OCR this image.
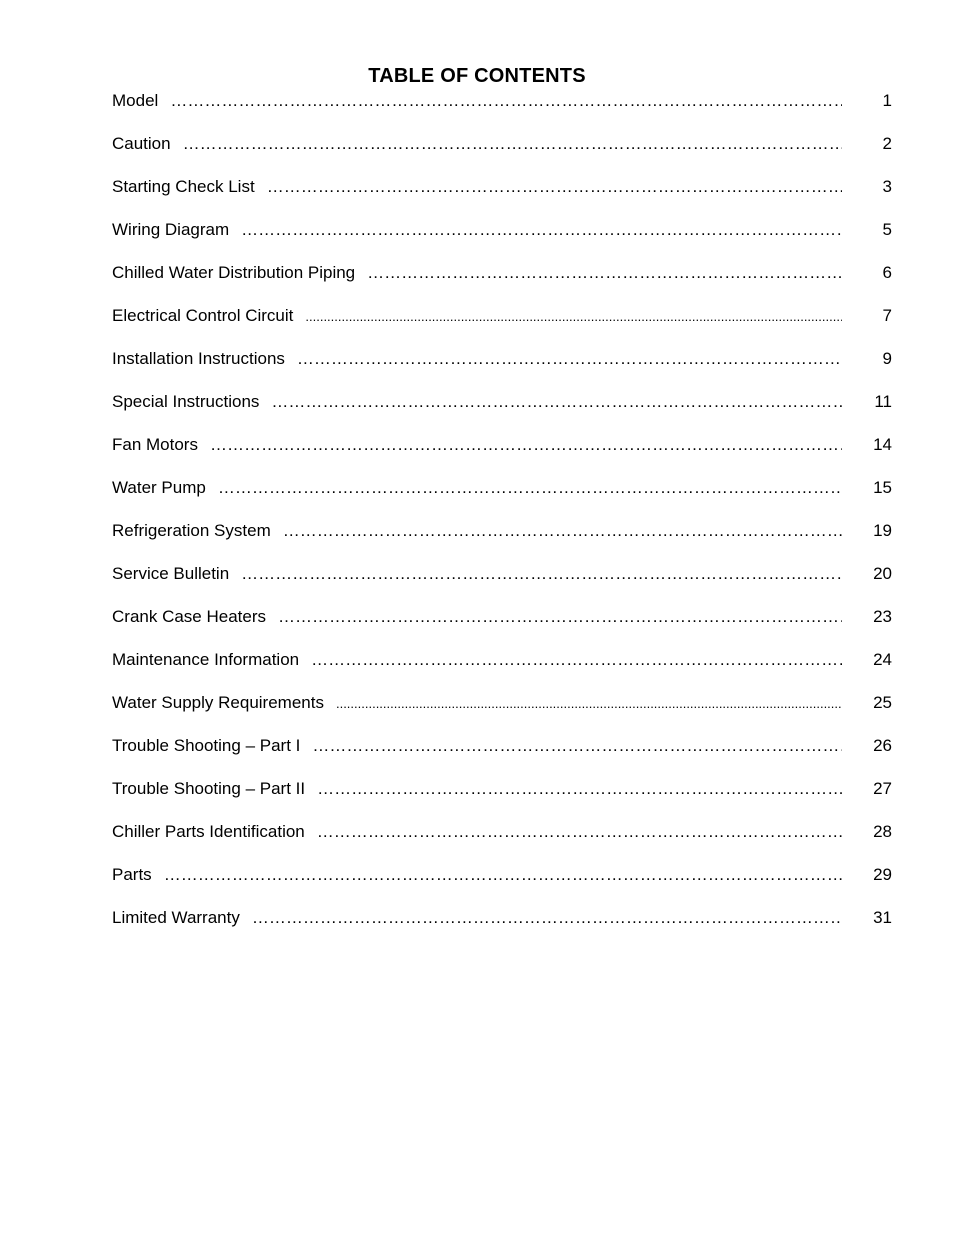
TABLE OF CONTENTS
Model ……………………………………………………………………………………………………………………………………………………………………	1
Caution ……………………………………………………………………………………………………………………………………………………………………	2
Starting Check List ……………………………………………………………………………………………………………………………………………………………………	3
Wiring Diagram ……………………………………………………………………………………………………………………………………………………………………	5
Chilled Water Distribution Piping ……………………………………………………………………………………………………………………………………………………………………	6
Electrical Control Circuit .....	7
Installation Instructions ……………………………………………………………………………………………………………………………………………………………………	9
Special Instructions ……………………………………………………………………………………………………………………………………………………………………	11
Fan Motors ……………………………………………………………………………………………………………………………………………………………………	14
Water Pump ……………………………………………………………………………………………………………………………………………………………………	15
Refrigeration System ……………………………………………………………………………………………………………………………………………………………………	19
Service Bulletin ……………………………………………………………………………………………………………………………………………………………………	20
Crank Case Heaters ……………………………………………………………………………………………………………………………………………………………………	23
Maintenance Information ……………………………………………………………………………………………………………………………………………………………………	24
Water Supply Requirements .....	25
Trouble Shooting – Part I ……………………………………………………………………………………………………………………………………………………………………	26
Trouble Shooting – Part II ……………………………………………………………………………………………………………………………………………………………………	27
Chiller Parts Identification ……………………………………………………………………………………………………………………………………………………………………	28
Parts ……………………………………………………………………………………………………………………………………………………………………	29
Limited Warranty ……………………………………………………………………………………………………………………………………………………………………	31
